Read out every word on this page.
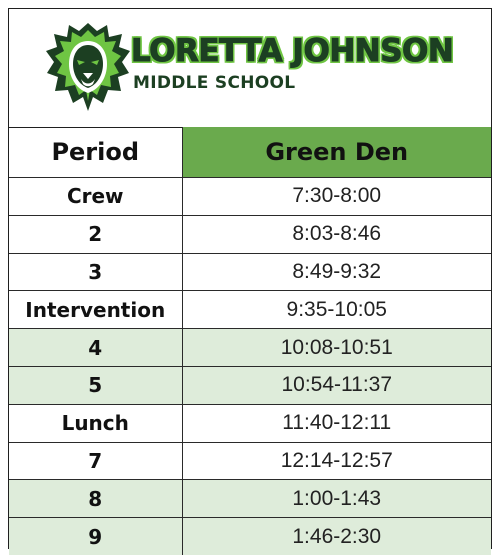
LORETTA JOHNSON
MIDDLE SCHOOL
Period	Green Den
Crew	7:30-8:00
2	8:03-8:46
3	8:49-9:32
Intervention	9:35-10:05
4	10:08-10:51
5	10:54-11:37
Lunch	11:40-12:11
7	12:14-12:57
8	1:00-1:43
9	1:46-2:30
